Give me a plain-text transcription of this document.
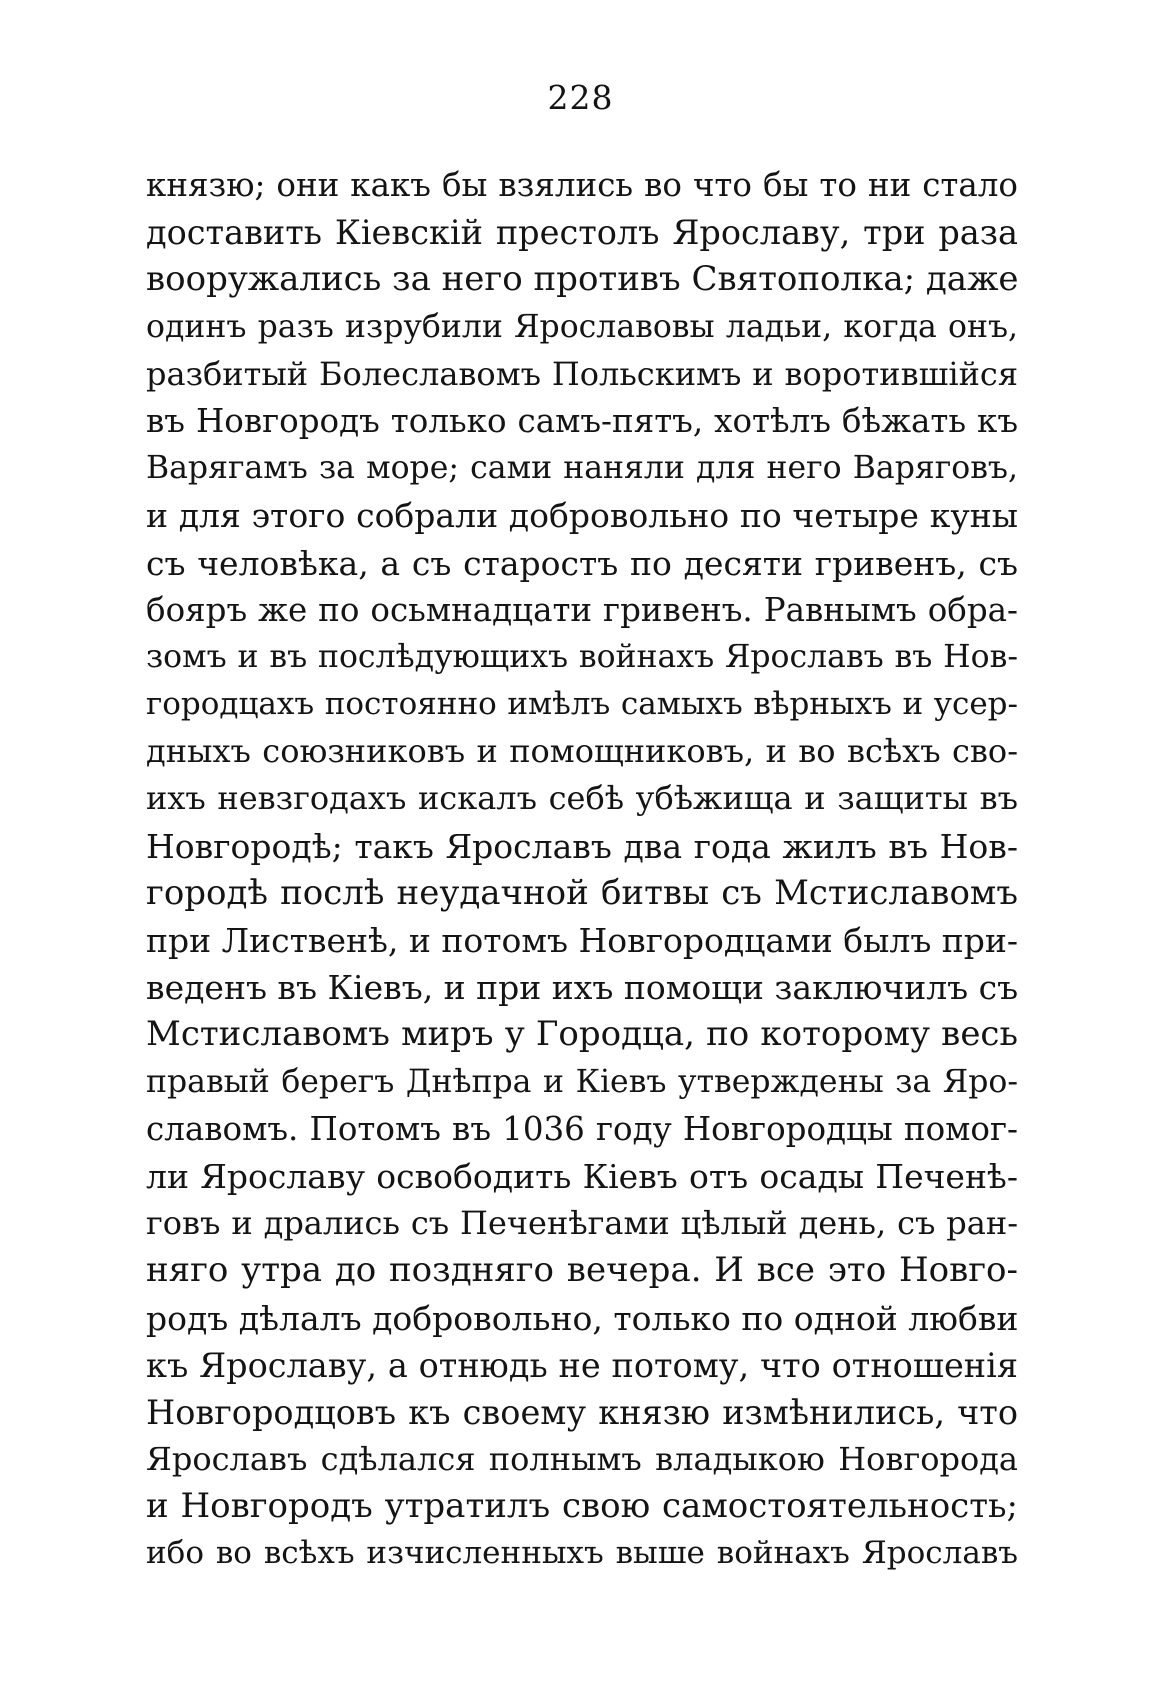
228
князю; они какъ бы взялись во что бы то ни стало
доставить Кіевскій престолъ Ярославу, три раза
вооружались за него противъ Святополка; даже
одинъ разъ изрубили Ярославовы ладьи, когда онъ,
разбитый Болеславомъ Польскимъ и воротившійся
въ Новгородъ только самъ-пятъ, хотѣлъ бѣжать къ
Варягамъ за море; сами наняли для него Варяговъ,
и для этого собрали добровольно по четыре куны
съ человѣка, а съ старостъ по десяти гривенъ, съ
бояръ же по осьмнадцати гривенъ. Равнымъ обра-
зомъ и въ послѣдующихъ войнахъ Ярославъ въ Нов-
городцахъ постоянно имѣлъ самыхъ вѣрныхъ и усер-
дныхъ союзниковъ и помощниковъ, и во всѣхъ сво-
ихъ невзгодахъ искалъ себѣ убѣжища и защиты въ
Новгородѣ; такъ Ярославъ два года жилъ въ Нов-
городѣ послѣ неудачной битвы съ Мстиславомъ
при Лиственѣ, и потомъ Новгородцами былъ при-
веденъ въ Кіевъ, и при ихъ помощи заключилъ съ
Мстиславомъ миръ у Городца, по которому весь
правый берегъ Днѣпра и Кіевъ утверждены за Яро-
славомъ. Потомъ въ 1036 году Новгородцы помог-
ли Ярославу освободить Кіевъ отъ осады Печенѣ-
говъ и дрались съ Печенѣгами цѣлый день, съ ран-
няго утра до поздняго вечера. И все это Новго-
родъ дѣлалъ добровольно, только по одной любви
къ Ярославу, а отнюдь не потому, что отношенія
Новгородцовъ къ своему князю измѣнились, что
Ярославъ сдѣлался полнымъ владыкою Новгорода
и Новгородъ утратилъ свою самостоятельность;
ибо во всѣхъ изчисленныхъ выше войнахъ Ярославъ
